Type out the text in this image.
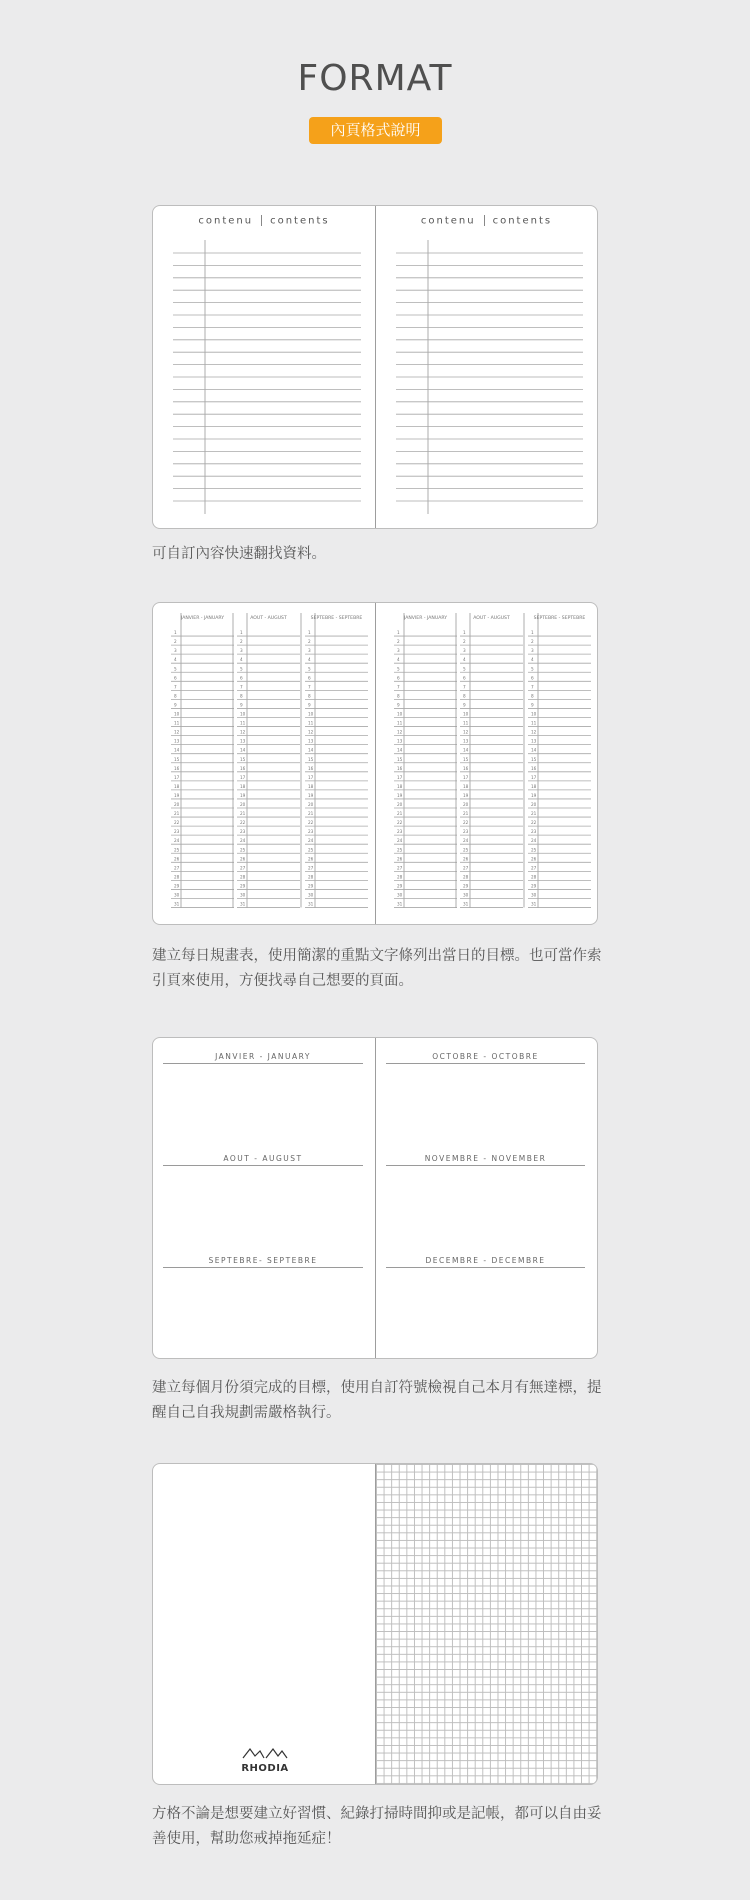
FORMAT
內頁格式說明
contenu contents	contenu contents
可自訂內容快速翻找資料。
JANVIER - JANUARY
1
2
3
4
5
6
7
8
9
10
11
12
13
14
15
16
17
18
19
20
21
22
23
24
25
26
27
28
29
30
31
AOUT - AUGUST
1
2
3
4
5
6
7
8
9
10
11
12
13
14
15
16
17
18
19
20
21
22
23
24
25
26
27
28
29
30
31
SEPTEBRE - SEPTEBRE
1
2
3
4
5
6
7
8
9
10
11
12
13
14
15
16
17
18
19
20
21
22
23
24
25
26
27
28
29
30
31
JANVIER - JANUARY
1
2
3
4
5
6
7
8
9
10
11
12
13
14
15
16
17
18
19
20
21
22
23
24
25
26
27
28
29
30
31
AOUT - AUGUST
1
2
3
4
5
6
7
8
9
10
11
12
13
14
15
16
17
18
19
20
21
22
23
24
25
26
27
28
29
30
31
SEPTEBRE - SEPTEBRE
1
2
3
4
5
6
7
8
9
10
11
12
13
14
15
16
17
18
19
20
21
22
23
24
25
26
27
28
29
30
31
建立每日規畫表，使用簡潔的重點文字條列出當日的目標。也可當作索引頁來使用，方便找尋自己想要的頁面。
JANVIER - JANUARY
AOUT - AUGUST
SEPTEBRE- SEPTEBRE
OCTOBRE - OCTOBRE
NOVEMBRE - NOVEMBER
DECEMBRE - DECEMBRE
建立每個月份須完成的目標，使用自訂符號檢視自己本月有無達標，提醒自己自我規劃需嚴格執行。
RHODIA
方格不論是想要建立好習慣、紀錄打掃時間抑或是記帳，都可以自由妥善使用，幫助您戒掉拖延症！
